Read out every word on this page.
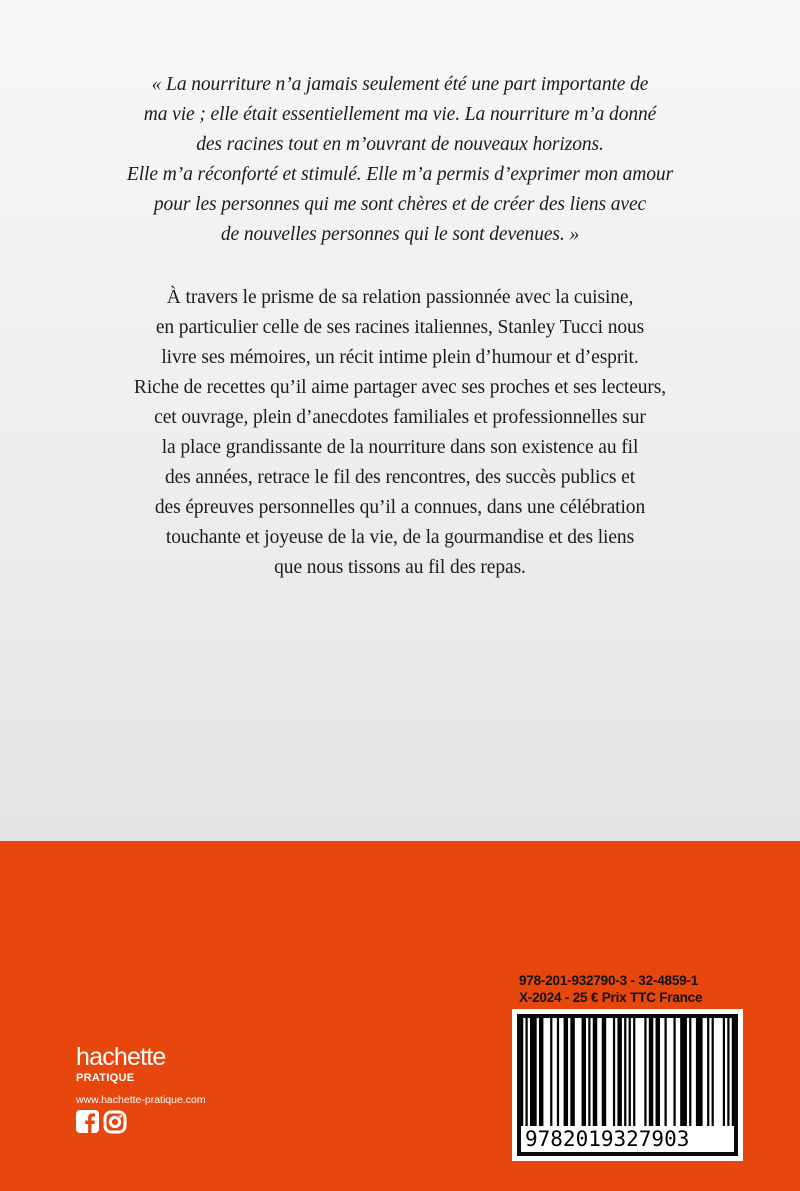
« La nourriture n’a jamais seulement été une part importante de
ma vie ; elle était essentiellement ma vie. La nourriture m’a donné
des racines tout en m’ouvrant de nouveaux horizons.
Elle m’a réconforté et stimulé. Elle m’a permis d’exprimer mon amour
pour les personnes qui me sont chères et de créer des liens avec
de nouvelles personnes qui le sont devenues. »
À travers le prisme de sa relation passionnée avec la cuisine,
en particulier celle de ses racines italiennes, Stanley Tucci nous
livre ses mémoires, un récit intime plein d’humour et d’esprit.
Riche de recettes qu’il aime partager avec ses proches et ses lecteurs,
cet ouvrage, plein d’anecdotes familiales et professionnelles sur
la place grandissante de la nourriture dans son existence au fil
des années, retrace le fil des rencontres, des succès publics et
des épreuves personnelles qu’il a connues, dans une célébration
touchante et joyeuse de la vie, de la gourmandise et des liens
que nous tissons au fil des repas.
hachette
PRATIQUE
www.hachette-pratique.com
978-201-932790-3 - 32-4859-1
X-2024 - 25 € Prix TTC France
9782019327903
